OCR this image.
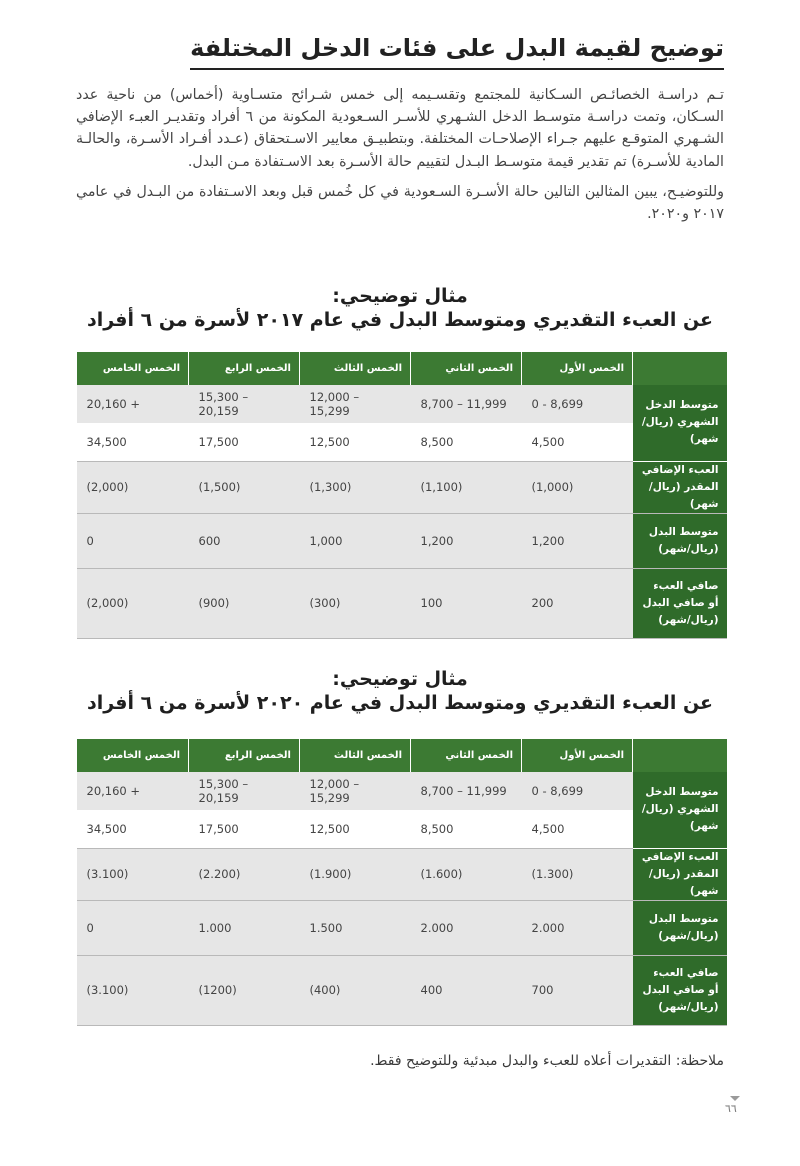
توضيح لقيمة البدل على فئات الدخل المختلفة

تـم دراسـة الخصائـص السـكانية للمجتمع وتقسـيمه إلى خمس شـرائح متسـاوية (أخماس) من ناحية عدد السـكان، وتمت دراسـة متوسـط الدخل الشـهري للأسـر السـعودية المكونة من ٦ أفراد وتقديـر العبـء الإضافي الشـهري المتوقـع عليهم جـراء الإصلاحـات المختلفة. وبتطبيـق معايير الاسـتحقاق (عـدد أفـراد الأسـرة، والحالـة المادية للأسـرة) تم تقدير قيمة متوسـط البـدل لتقييم حالة الأسـرة بعد الاسـتفادة مـن البدل.

وللتوضيـح، يبين المثالين التالين حالة الأسـرة السـعودية في كل خُمس قبل وبعد الاسـتفادة من البـدل في عامي ٢٠١٧ و٢٠٢٠.

مثال توضيحي:
عن العبء التقديري ومتوسط البدل في عام ٢٠١٧ لأسرة من ٦ أفراد
	الخمس الأول	الخمس الثاني	الخمس الثالث	الخمس الرابع	الخمس الخامس
متوسط الدخل الشهري (ريال/ شهر)	0 - 8,699	8,700 – 11,999	12,000 – 15,299	15,300 – 20,159	20,160 +
	4,500	8,500	12,500	17,500	34,500
العبء الإضافي المقدر (ريال/شهر)	(1,000)	(1,100)	(1,300)	(1,500)	(2,000)
متوسط البدل (ريال/شهر)	1,200	1,200	1,000	600	0
صافي العبء أو صافي البدل (ريال/شهر)	200	100	(300)	(900)	(2,000)
مثال توضيحي:
عن العبء التقديري ومتوسط البدل في عام ٢٠٢٠ لأسرة من ٦ أفراد
	الخمس الأول	الخمس الثاني	الخمس الثالث	الخمس الرابع	الخمس الخامس
متوسط الدخل الشهري (ريال/ شهر)	0 - 8,699	8,700 – 11,999	12,000 – 15,299	15,300 – 20,159	20,160 +
	4,500	8,500	12,500	17,500	34,500
العبء الإضافي المقدر (ريال/شهر)	(1.300)	(1.600)	(1.900)	(2.200)	(3.100)
متوسط البدل (ريال/شهر)	2.000	2.000	1.500	1.000	0
صافي العبء أو صافي البدل (ريال/شهر)	700	400	(400)	(1200)	(3.100)
ملاحظة: التقديرات أعلاه للعبء والبدل مبدئية وللتوضيح فقط.
٦٦
